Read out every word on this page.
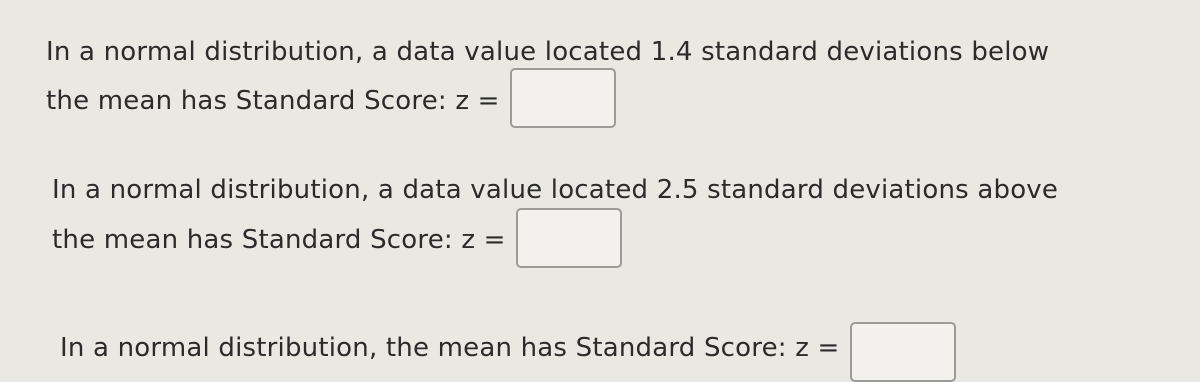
In a normal distribution, a data value located 1.4 standard deviations below
the mean has Standard Score: z =
In a normal distribution, a data value located 2.5 standard deviations above
the mean has Standard Score: z =
In a normal distribution, the mean has Standard Score: z =
